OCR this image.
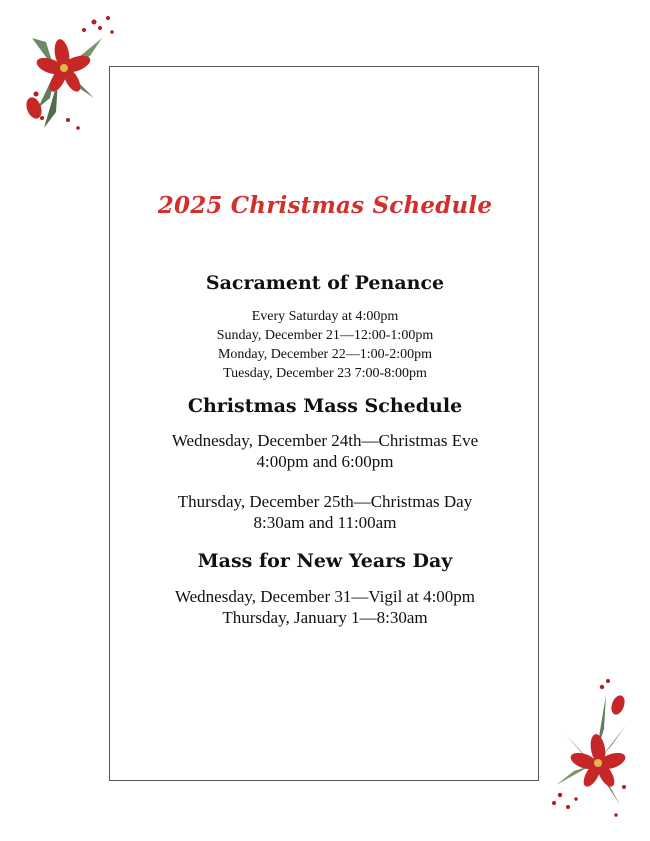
2025 Christmas Schedule
Sacrament of Penance
Every Saturday at 4:00pm
Sunday, December 21—12:00-1:00pm
Monday, December 22—1:00-2:00pm
Tuesday, December 23 7:00-8:00pm
Christmas Mass Schedule
Wednesday, December 24th—Christmas Eve
4:00pm and 6:00pm
Thursday, December 25th—Christmas Day
8:30am and 11:00am
Mass for New Years Day
Wednesday, December 31—Vigil at 4:00pm
Thursday, January 1—8:30am
